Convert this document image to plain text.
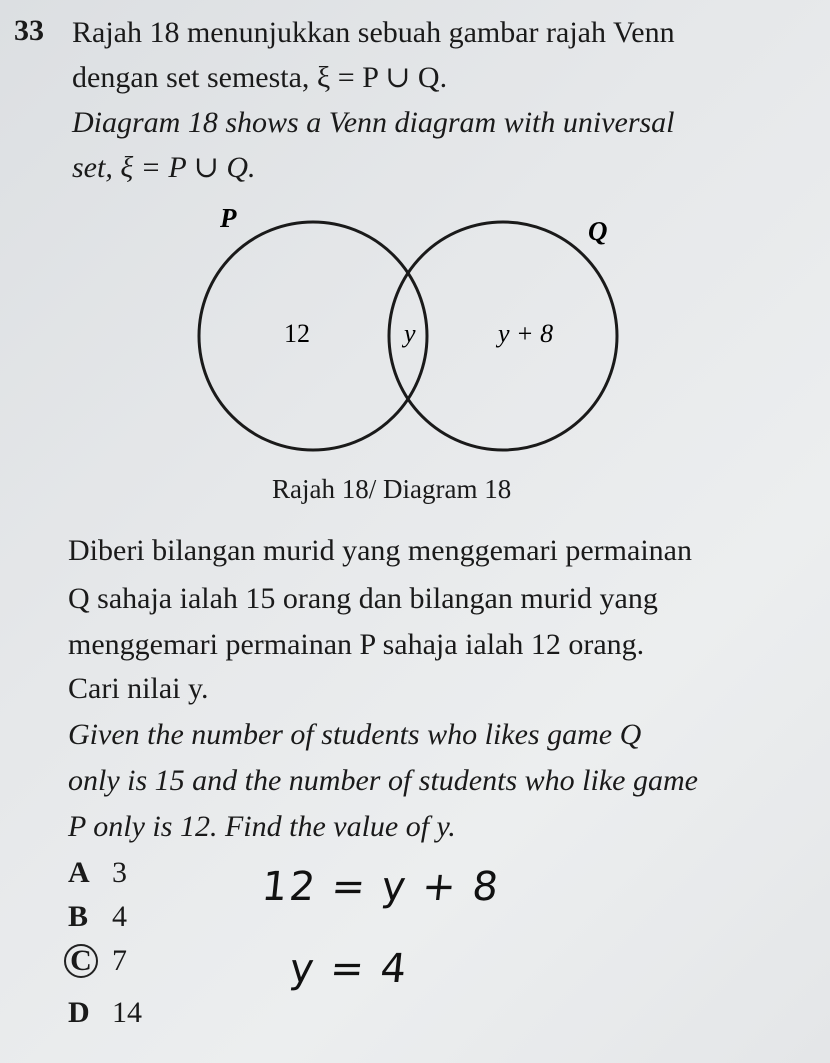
33 Rajah 18 menunjukkan sebuah gambar rajah Venn
dengan set semesta, ξ = P ∪ Q.
Diagram 18 shows a Venn diagram with universal
set, ξ = P ∪ Q.
P	Q
12	y	y + 8
Rajah 18/ Diagram 18
Diberi bilangan murid yang menggemari permainan
Q sahaja ialah 15 orang dan bilangan murid yang
menggemari permainan P sahaja ialah 12 orang.
Cari nilai y.
Given the number of students who likes game Q
only is 15 and the number of students who like game
P only is 12. Find the value of y.
A 3
B 4
C 7
D 14
12 = y + 8
y = 4
